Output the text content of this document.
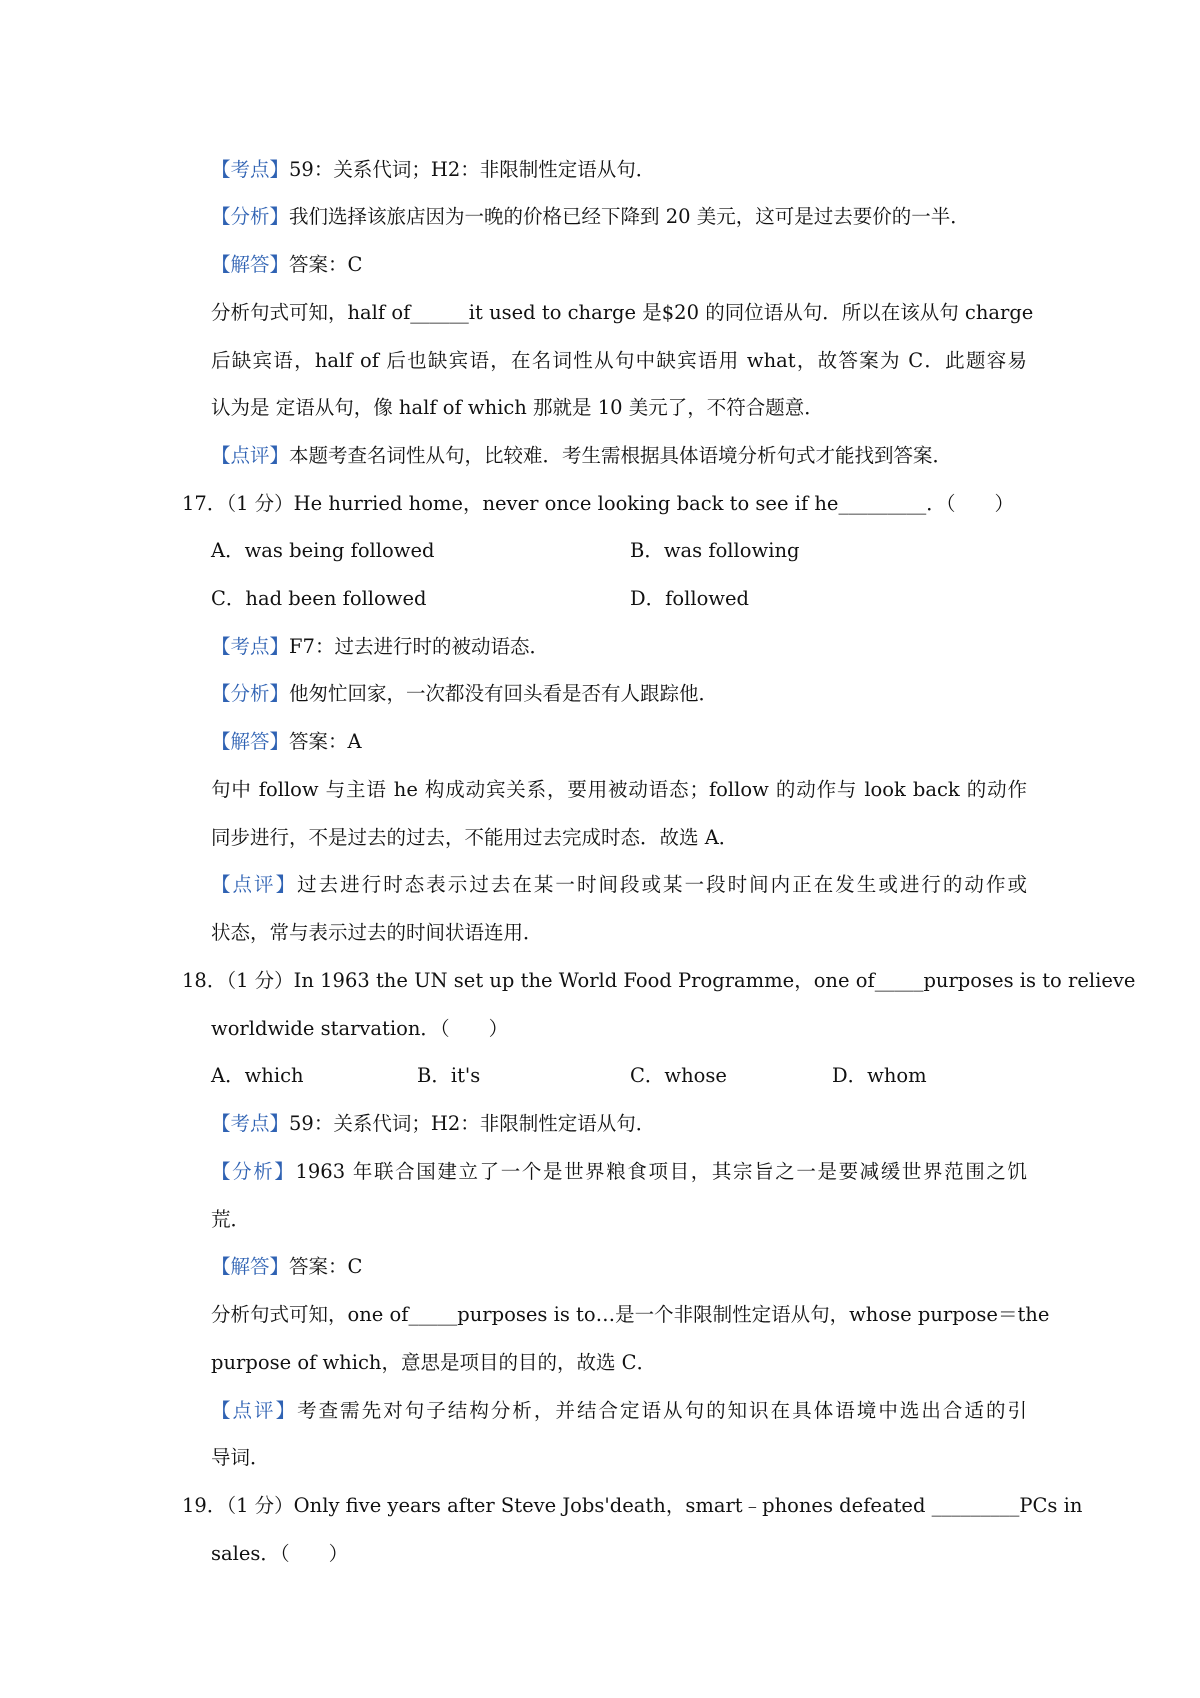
【考点】59：关系代词；H2：非限制性定语从句．
【分析】我们选择该旅店因为一晚的价格已经下降到 20 美元，这可是过去要价的一半．
【解答】答案：C
分析句式可知，half of______it used to charge 是$20 的同位语从句．所以在该从句 charge
后缺宾语，half of 后也缺宾语，在名词性从句中缺宾语用 what，故答案为 C．此题容易
认为是 定语从句，像 half of which 那就是 10 美元了，不符合题意．
【点评】本题考查名词性从句，比较难．考生需根据具体语境分析句式才能找到答案．
17．（1 分）He hurried home，never once looking back to see if he_________．（　　）
A．was being followed	B．was following
C．had been followed	D．followed
【考点】F7：过去进行时的被动语态．
【分析】他匆忙回家，一次都没有回头看是否有人跟踪他．
【解答】答案：A
句中 follow 与主语 he 构成动宾关系，要用被动语态；follow 的动作与 look back 的动作
同步进行，不是过去的过去，不能用过去完成时态．故选 A．
【点评】过去进行时态表示过去在某一时间段或某一段时间内正在发生或进行的动作或
状态，常与表示过去的时间状语连用．
18．（1 分）In 1963 the UN set up the World Food Programme，one of_____purposes is to relieve
worldwide starvation．（　　）
A．which	B．it's	C．whose	D．whom
【考点】59：关系代词；H2：非限制性定语从句．
【分析】1963 年联合国建立了一个是世界粮食项目，其宗旨之一是要减缓世界范围之饥
荒．
【解答】答案：C
分析句式可知，one of_____purposes is to…是一个非限制性定语从句，whose purpose＝the
purpose of which，意思是项目的目的，故选 C．
【点评】考查需先对句子结构分析，并结合定语从句的知识在具体语境中选出合适的引
导词．
19．（1 分）Only five years after Steve Jobs'death，smart﹣phones defeated _________PCs in
sales．（　　）
